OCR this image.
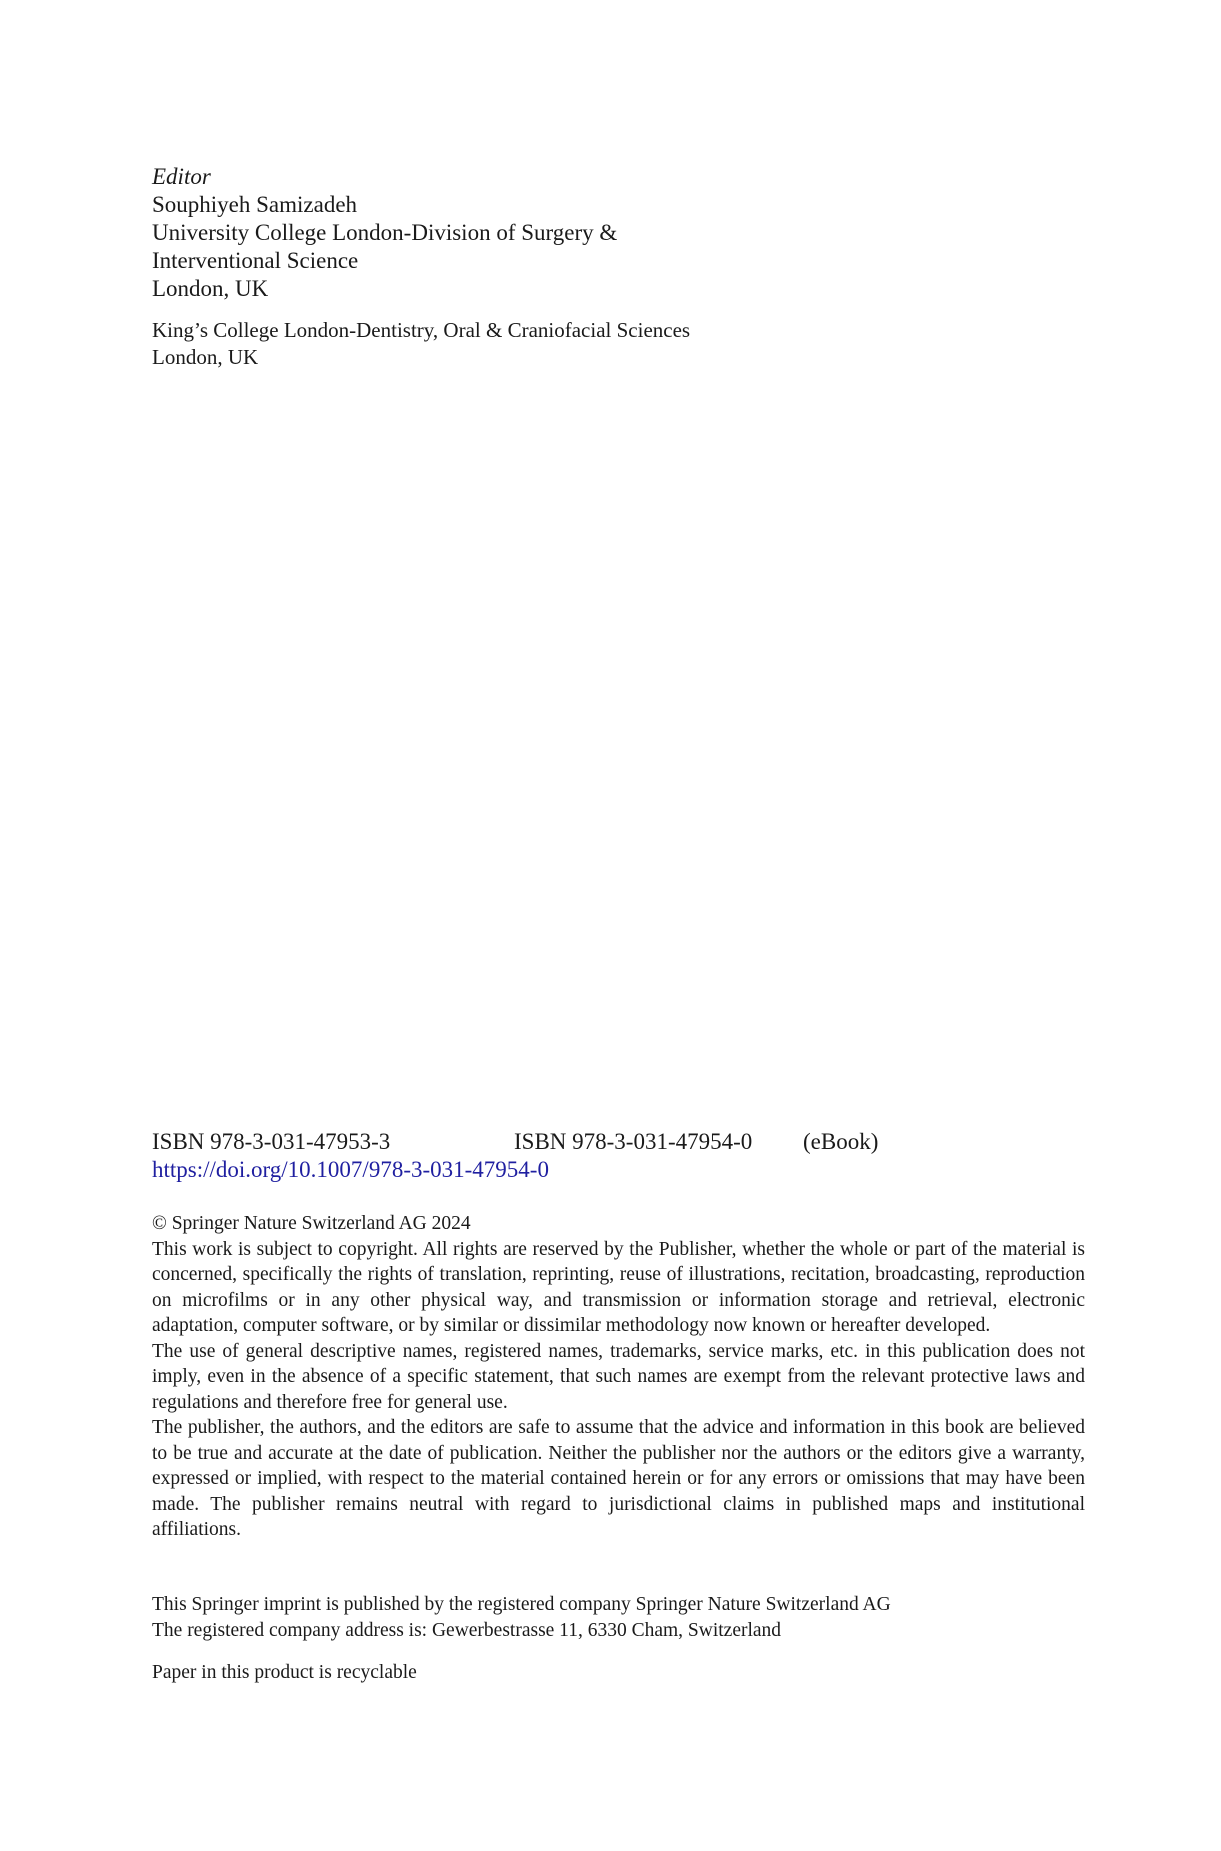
Editor
Souphiyeh Samizadeh
University College London-Division of Surgery &
Interventional Science
London, UK
King’s College London-Dentistry, Oral & Craniofacial Sciences
London, UK
ISBN 978-3-031-47953-3	ISBN 978-3-031-47954-0	(eBook)
https://doi.org/10.1007/978-3-031-47954-0

© Springer Nature Switzerland AG 2024

This work is subject to copyright. All rights are reserved by the Publisher, whether the whole or part of the material is concerned, specifically the rights of translation, reprinting, reuse of illustrations, recitation, broadcasting, reproduction on microfilms or in any other physical way, and transmission or information storage and retrieval, electronic adaptation, computer software, or by similar or dissimilar methodology now known or hereafter developed.

The use of general descriptive names, registered names, trademarks, service marks, etc. in this publication does not imply, even in the absence of a specific statement, that such names are exempt from the relevant protective laws and regulations and therefore free for general use.

The publisher, the authors, and the editors are safe to assume that the advice and information in this book are believed to be true and accurate at the date of publication. Neither the publisher nor the authors or the editors give a warranty, expressed or implied, with respect to the material contained herein or for any errors or omissions that may have been made. The publisher remains neutral with regard to jurisdictional claims in published maps and institutional affiliations.

This Springer imprint is published by the registered company Springer Nature Switzerland AG
The registered company address is: Gewerbestrasse 11, 6330 Cham, Switzerland
Paper in this product is recyclable
